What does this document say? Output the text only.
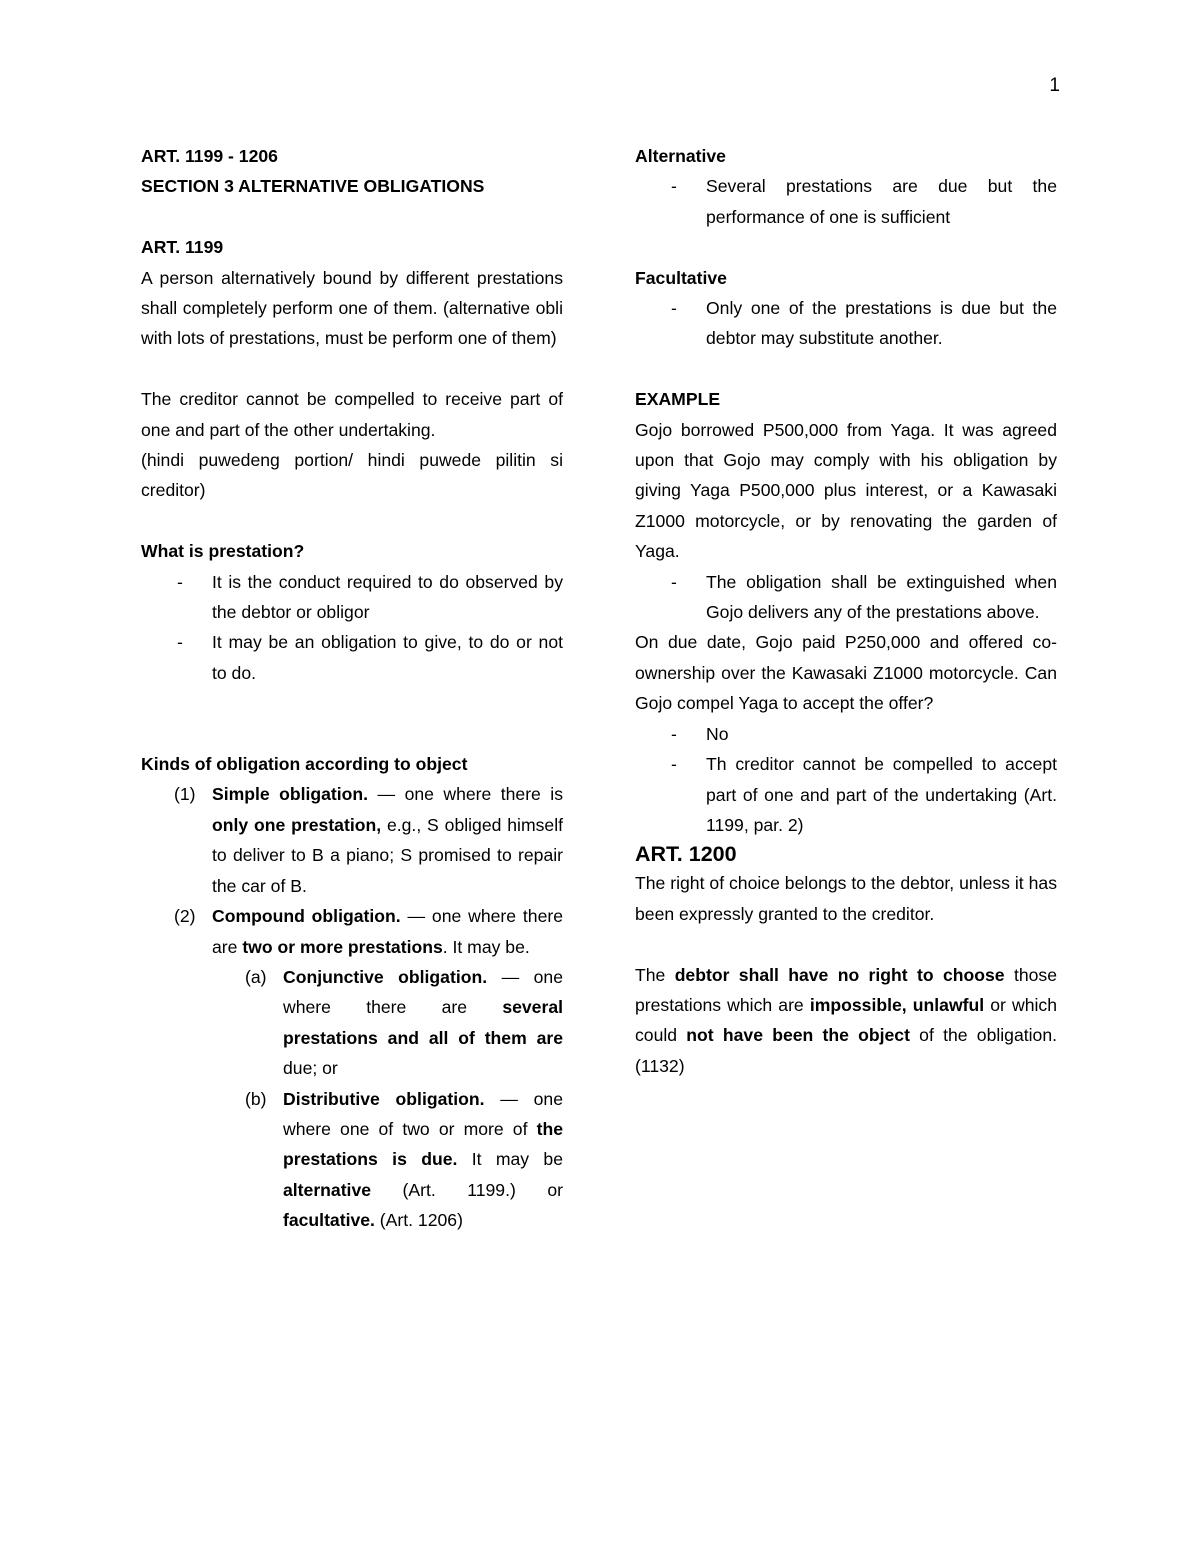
1

ART. 1199 - 1206

SECTION 3 ALTERNATIVE OBLIGATIONS

ART. 1199

A person alternatively bound by different prestations shall completely perform one of them. (alternative obli with lots of prestations, must be perform one of them)

The creditor cannot be compelled to receive part of one and part of the other undertaking.

(hindi puwedeng portion/ hindi puwede pilitin si creditor)

What is prestation?

- It is the conduct required to do observed by the debtor or obligor

- It may be an obligation to give, to do or not to do.

Kinds of obligation according to object

(1) Simple obligation. — one where there is only one prestation, e.g., S obliged himself to deliver to B a piano; S promised to repair the car of B.

(2) Compound obligation. — one where there are two or more prestations. It may be.

(a) Conjunctive obligation. — one where there are several prestations and all of them are due; or

(b) Distributive obligation. — one where one of two or more of the prestations is due. It may be alternative (Art. 1199.) or facultative. (Art. 1206)

Alternative

- Several prestations are due but the performance of one is sufficient

Facultative

- Only one of the prestations is due but the debtor may substitute another.

EXAMPLE

Gojo borrowed P500,000 from Yaga. It was agreed upon that Gojo may comply with his obligation by giving Yaga P500,000 plus interest, or a Kawasaki Z1000 motorcycle, or by renovating the garden of Yaga.

- The obligation shall be extinguished when Gojo delivers any of the prestations above.

On due date, Gojo paid P250,000 and offered co-ownership over the Kawasaki Z1000 motorcycle. Can Gojo compel Yaga to accept the offer?

- No

- Th creditor cannot be compelled to accept part of one and part of the undertaking (Art. 1199, par. 2)

ART. 1200

The right of choice belongs to the debtor, unless it has been expressly granted to the creditor.

The debtor shall have no right to choose those prestations which are impossible, unlawful or which could not have been the object of the obligation. (1132)
